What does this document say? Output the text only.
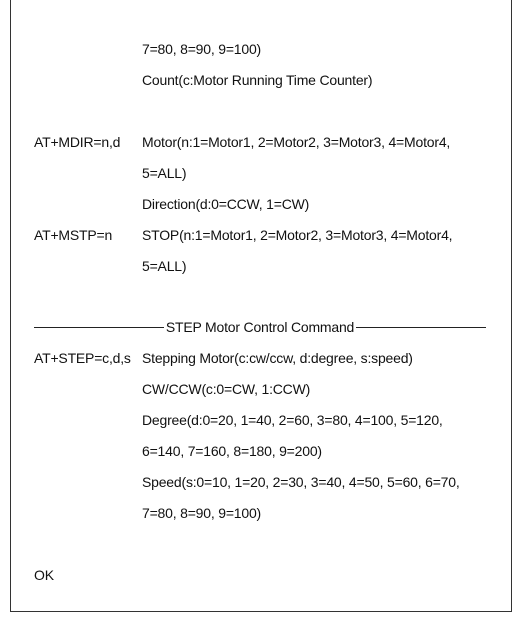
7=80, 8=90, 9=100)
Count(c:Motor Running Time Counter)
AT+MDIR=n,d Motor(n:1=Motor1, 2=Motor2, 3=Motor3, 4=Motor4,
5=ALL)
Direction(d:0=CCW, 1=CW)
AT+MSTP=n STOP(n:1=Motor1, 2=Motor2, 3=Motor3, 4=Motor4,
5=ALL)
STEP Motor Control Command
AT+STEP=c,d,s Stepping Motor(c:cw/ccw, d:degree, s:speed)
CW/CCW(c:0=CW, 1:CCW)
Degree(d:0=20, 1=40, 2=60, 3=80, 4=100, 5=120,
6=140, 7=160, 8=180, 9=200)
Speed(s:0=10, 1=20, 2=30, 3=40, 4=50, 5=60, 6=70,
7=80, 8=90, 9=100)
OK
